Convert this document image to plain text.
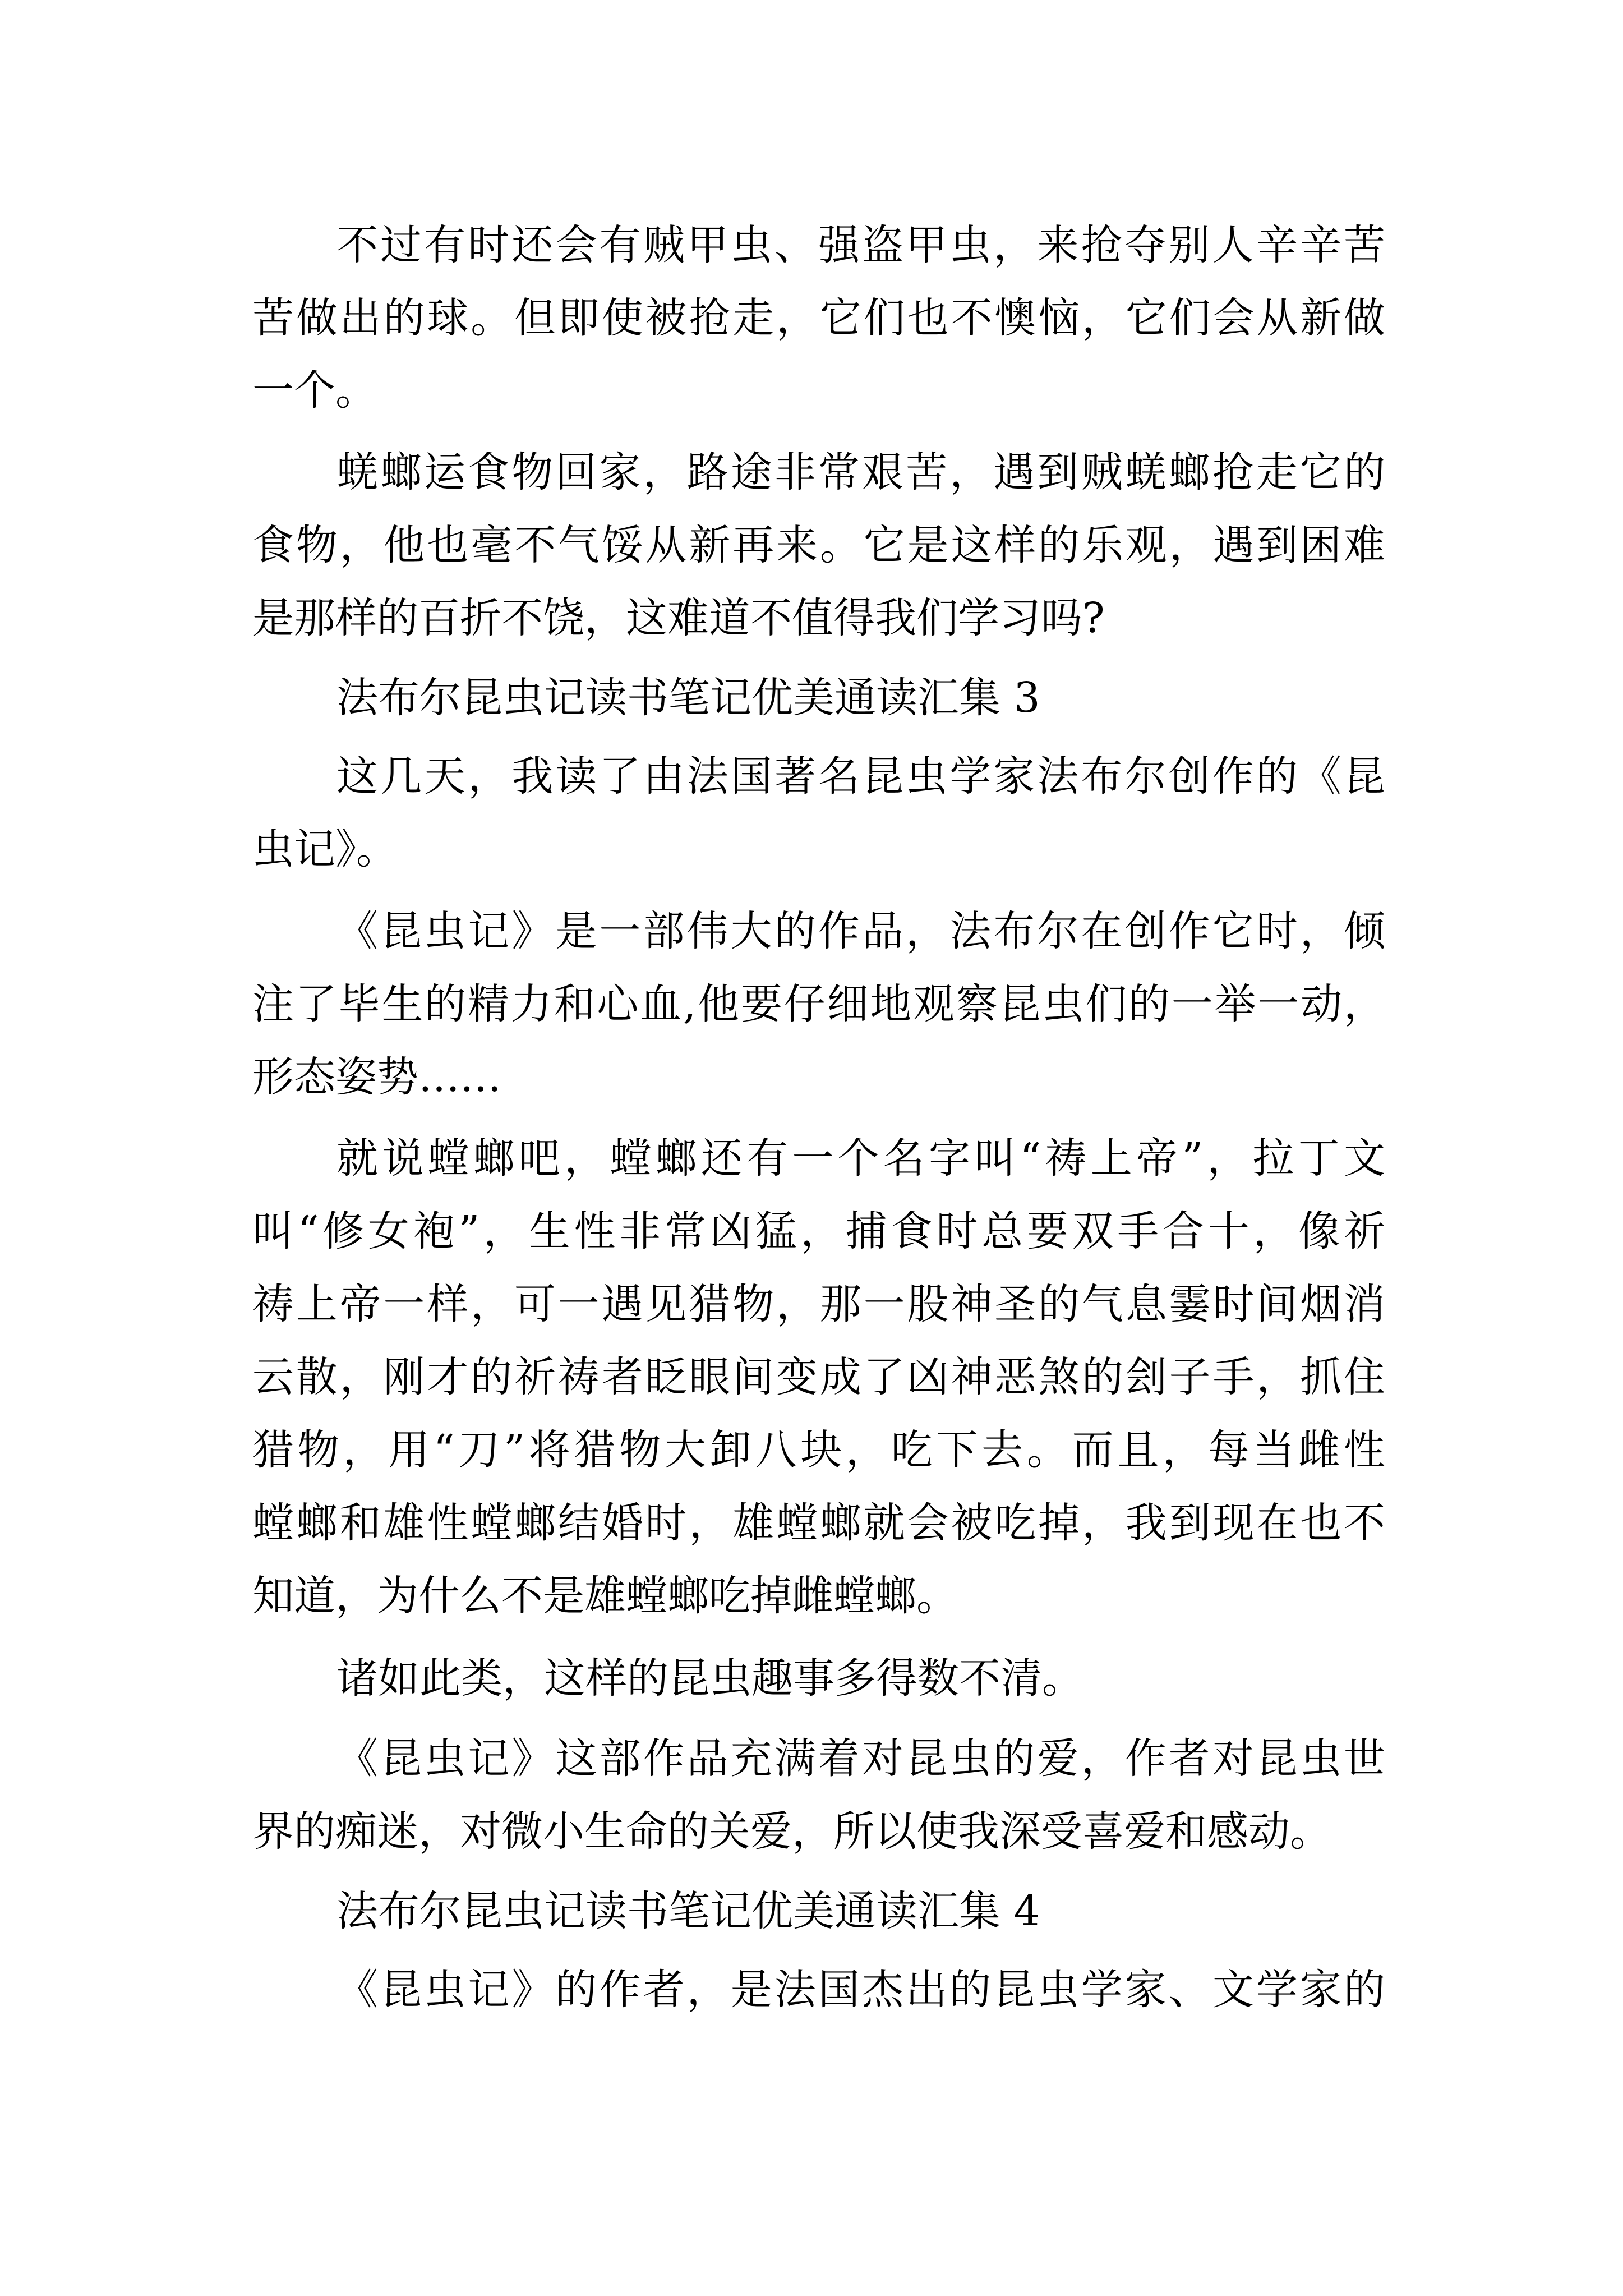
不过有时还会有贼甲虫、强盗甲虫，来抢夺别人辛辛苦

苦做出的球。但即使被抢走，它们也不懊恼，它们会从新做

一个。

蜣螂运食物回家，路途非常艰苦，遇到贼蜣螂抢走它的

食物，他也毫不气馁从新再来。它是这样的乐观，遇到困难

是那样的百折不饶，这难道不值得我们学习吗?

法布尔昆虫记读书笔记优美通读汇集 3

这几天，我读了由法国著名昆虫学家法布尔创作的《昆

虫记》。

《昆虫记》是一部伟大的作品，法布尔在创作它时，倾

注了毕生的精力和心血,他要仔细地观察昆虫们的一举一动，

形态姿势……

就说螳螂吧，螳螂还有一个名字叫“祷上帝”，拉丁文

叫“修女袍”，生性非常凶猛，捕食时总要双手合十，像祈

祷上帝一样，可一遇见猎物，那一股神圣的气息霎时间烟消

云散，刚才的祈祷者眨眼间变成了凶神恶煞的刽子手，抓住

猎物，用“刀”将猎物大卸八块，吃下去。而且，每当雌性

螳螂和雄性螳螂结婚时，雄螳螂就会被吃掉，我到现在也不

知道，为什么不是雄螳螂吃掉雌螳螂。

诸如此类，这样的昆虫趣事多得数不清。

《昆虫记》这部作品充满着对昆虫的爱，作者对昆虫世

界的痴迷，对微小生命的关爱，所以使我深受喜爱和感动。

法布尔昆虫记读书笔记优美通读汇集 4

《昆虫记》的作者，是法国杰出的昆虫学家、文学家的
